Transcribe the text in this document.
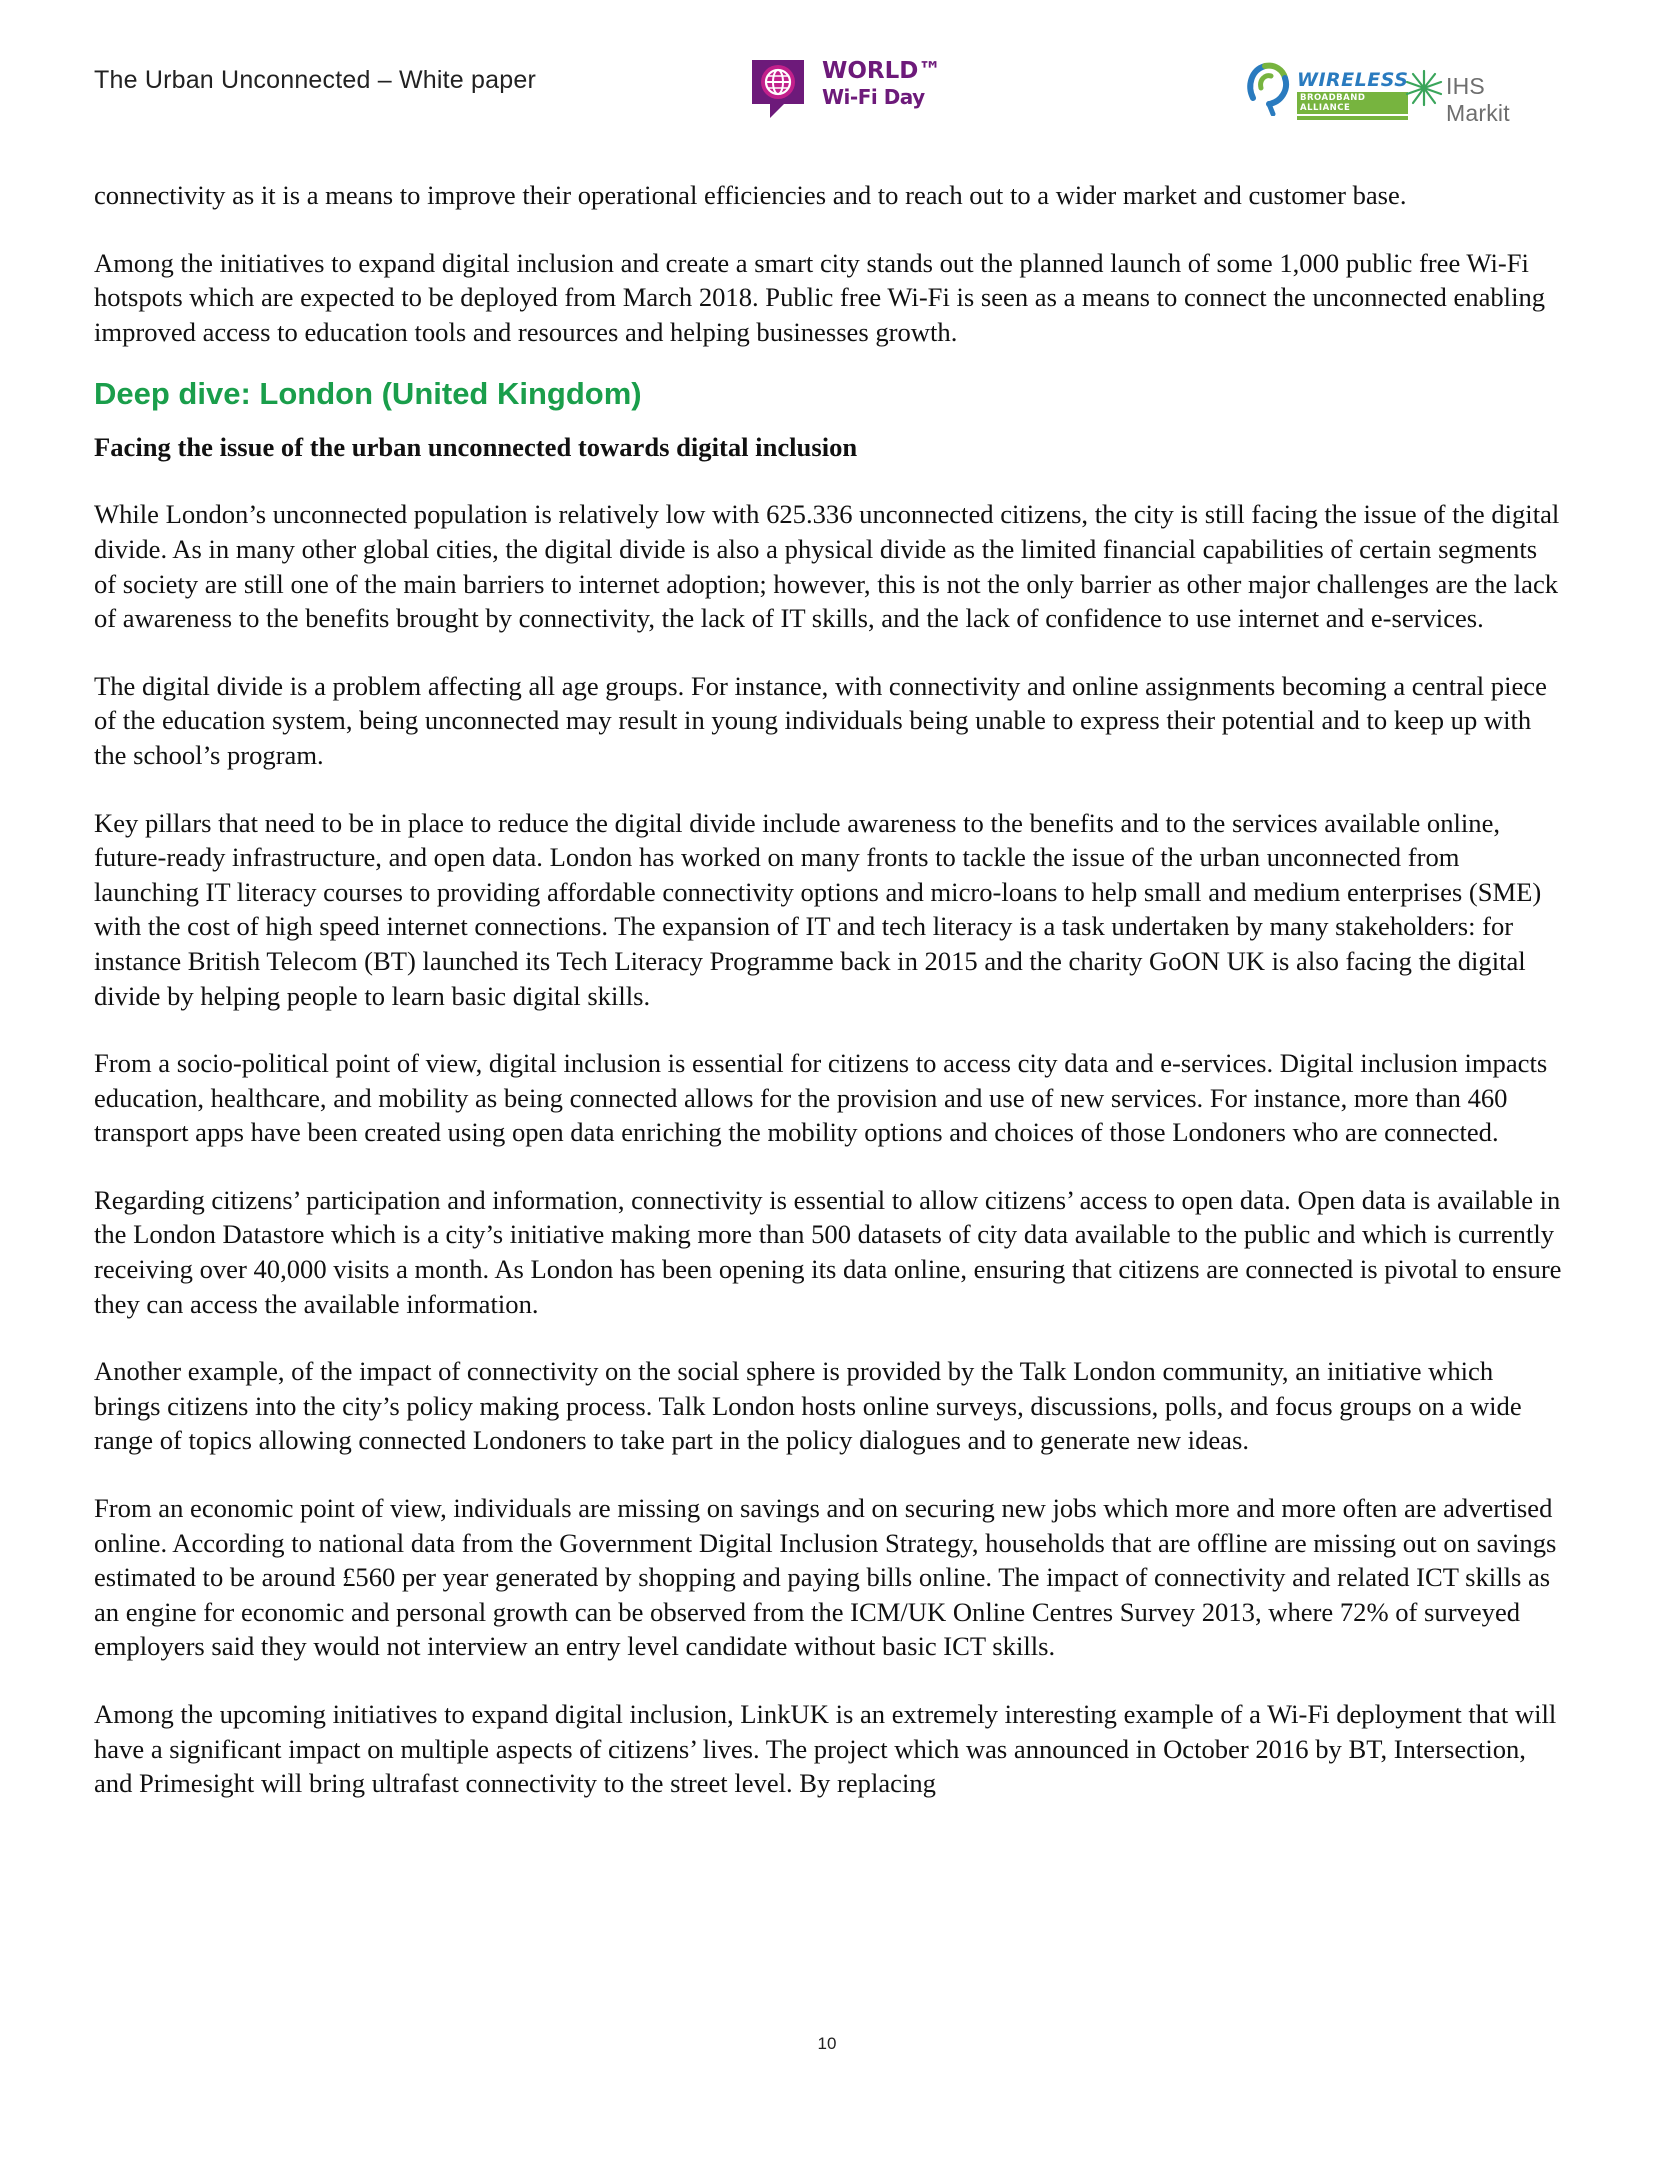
The Urban Unconnected – White paper	WORLD™
Wi-Fi Day
WIRELESS
BROADBAND ALLIANCE
IHS Markit

connectivity as it is a means to improve their operational efficiencies and to reach out to a wider market and customer base.

Among the initiatives to expand digital inclusion and create a smart city stands out the planned launch of some 1,000 public free Wi-Fi hotspots which are expected to be deployed from March 2018. Public free Wi-Fi is seen as a means to connect the unconnected enabling improved access to education tools and resources and helping businesses growth.

Deep dive: London (United Kingdom)
Facing the issue of the urban unconnected towards digital inclusion

While London’s unconnected population is relatively low with 625.336 unconnected citizens, the city is still facing the issue of the digital divide. As in many other global cities, the digital divide is also a physical divide as the limited financial capabilities of certain segments of society are still one of the main barriers to internet adoption; however, this is not the only barrier as other major challenges are the lack of awareness to the benefits brought by connectivity, the lack of IT skills, and the lack of confidence to use internet and e-services.

The digital divide is a problem affecting all age groups. For instance, with connectivity and online assignments becoming a central piece of the education system, being unconnected may result in young individuals being unable to express their potential and to keep up with the school’s program.

Key pillars that need to be in place to reduce the digital divide include awareness to the benefits and to the services available online, future-ready infrastructure, and open data. London has worked on many fronts to tackle the issue of the urban unconnected from launching IT literacy courses to providing affordable connectivity options and micro-loans to help small and medium enterprises (SME) with the cost of high speed internet connections. The expansion of IT and tech literacy is a task undertaken by many stakeholders: for instance British Telecom (BT) launched its Tech Literacy Programme back in 2015 and the charity GoON UK is also facing the digital divide by helping people to learn basic digital skills.

From a socio-political point of view, digital inclusion is essential for citizens to access city data and e-services. Digital inclusion impacts education, healthcare, and mobility as being connected allows for the provision and use of new services. For instance, more than 460 transport apps have been created using open data enriching the mobility options and choices of those Londoners who are connected.

Regarding citizens’ participation and information, connectivity is essential to allow citizens’ access to open data. Open data is available in the London Datastore which is a city’s initiative making more than 500 datasets of city data available to the public and which is currently receiving over 40,000 visits a month. As London has been opening its data online, ensuring that citizens are connected is pivotal to ensure they can access the available information.

Another example, of the impact of connectivity on the social sphere is provided by the Talk London community, an initiative which brings citizens into the city’s policy making process. Talk London hosts online surveys, discussions, polls, and focus groups on a wide range of topics allowing connected Londoners to take part in the policy dialogues and to generate new ideas.

From an economic point of view, individuals are missing on savings and on securing new jobs which more and more often are advertised online. According to national data from the Government Digital Inclusion Strategy, households that are offline are missing out on savings estimated to be around £560 per year generated by shopping and paying bills online. The impact of connectivity and related ICT skills as an engine for economic and personal growth can be observed from the ICM/UK Online Centres Survey 2013, where 72% of surveyed employers said they would not interview an entry level candidate without basic ICT skills.

Among the upcoming initiatives to expand digital inclusion, LinkUK is an extremely interesting example of a Wi-Fi deployment that will have a significant impact on multiple aspects of citizens’ lives. The project which was announced in October 2016 by BT, Intersection, and Primesight will bring ultrafast connectivity to the street level. By replacing

10
